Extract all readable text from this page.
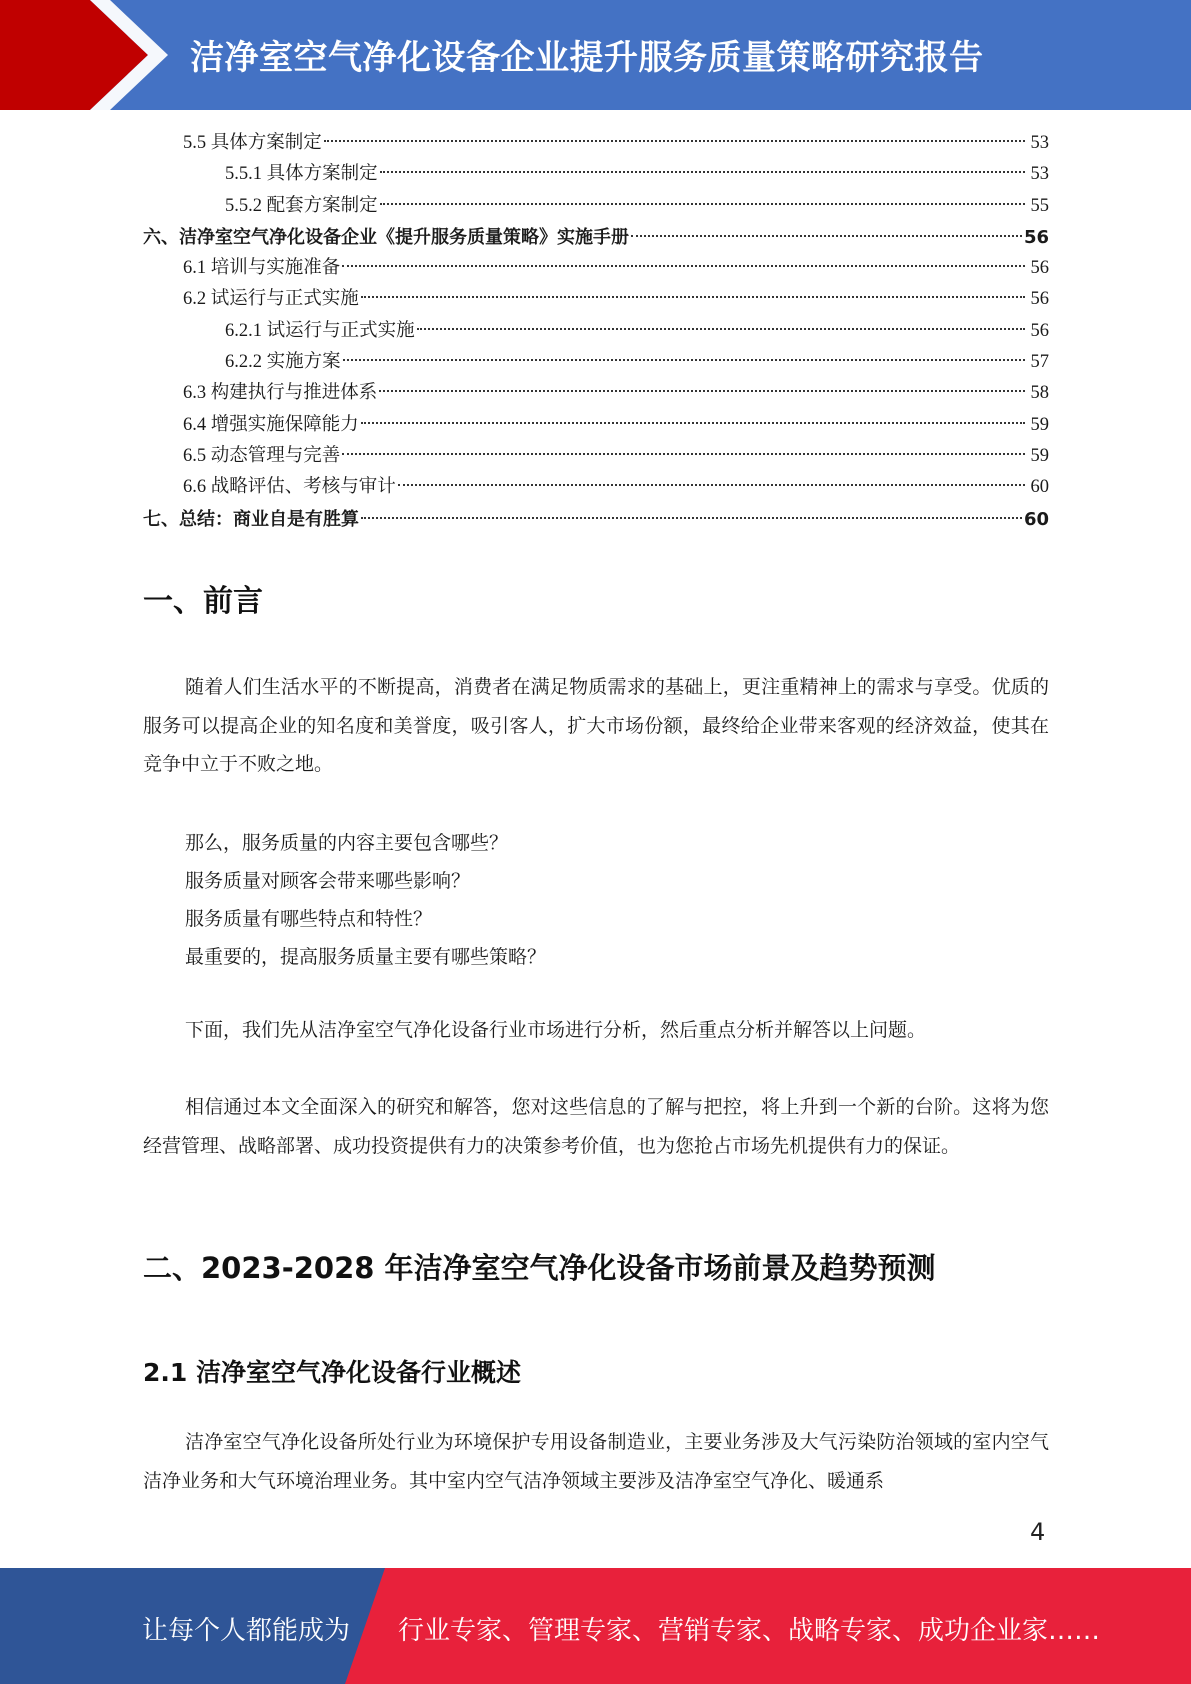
洁净室空气净化设备企业提升服务质量策略研究报告
5.5 具体方案制定	53
5.5.1 具体方案制定	53
5.5.2 配套方案制定	55
六、洁净室空气净化设备企业《提升服务质量策略》实施手册	56
6.1 培训与实施准备	56
6.2 试运行与正式实施	56
6.2.1 试运行与正式实施	56
6.2.2 实施方案	57
6.3 构建执行与推进体系	58
6.4 增强实施保障能力	59
6.5 动态管理与完善	59
6.6 战略评估、考核与审计	60
七、总结：商业自是有胜算	60
一、前言
随着人们生活水平的不断提高，消费者在满足物质需求的基础上，更注重精神上的需求与享受。优质的服务可以提高企业的知名度和美誉度，吸引客人，扩大市场份额，最终给企业带来客观的经济效益，使其在竞争中立于不败之地。
那么，服务质量的内容主要包含哪些？
服务质量对顾客会带来哪些影响？
服务质量有哪些特点和特性？
最重要的，提高服务质量主要有哪些策略？
下面，我们先从洁净室空气净化设备行业市场进行分析，然后重点分析并解答以上问题。
相信通过本文全面深入的研究和解答，您对这些信息的了解与把控，将上升到一个新的台阶。这将为您经营管理、战略部署、成功投资提供有力的决策参考价值，也为您抢占市场先机提供有力的保证。
二、2023-2028 年洁净室空气净化设备市场前景及趋势预测
2.1 洁净室空气净化设备行业概述
洁净室空气净化设备所处行业为环境保护专用设备制造业，主要业务涉及大气污染防治领域的室内空气洁净业务和大气环境治理业务。其中室内空气洁净领域主要涉及洁净室空气净化、暖通系
4
让每个人都能成为 行业专家、管理专家、营销专家、战略专家、成功企业家……
